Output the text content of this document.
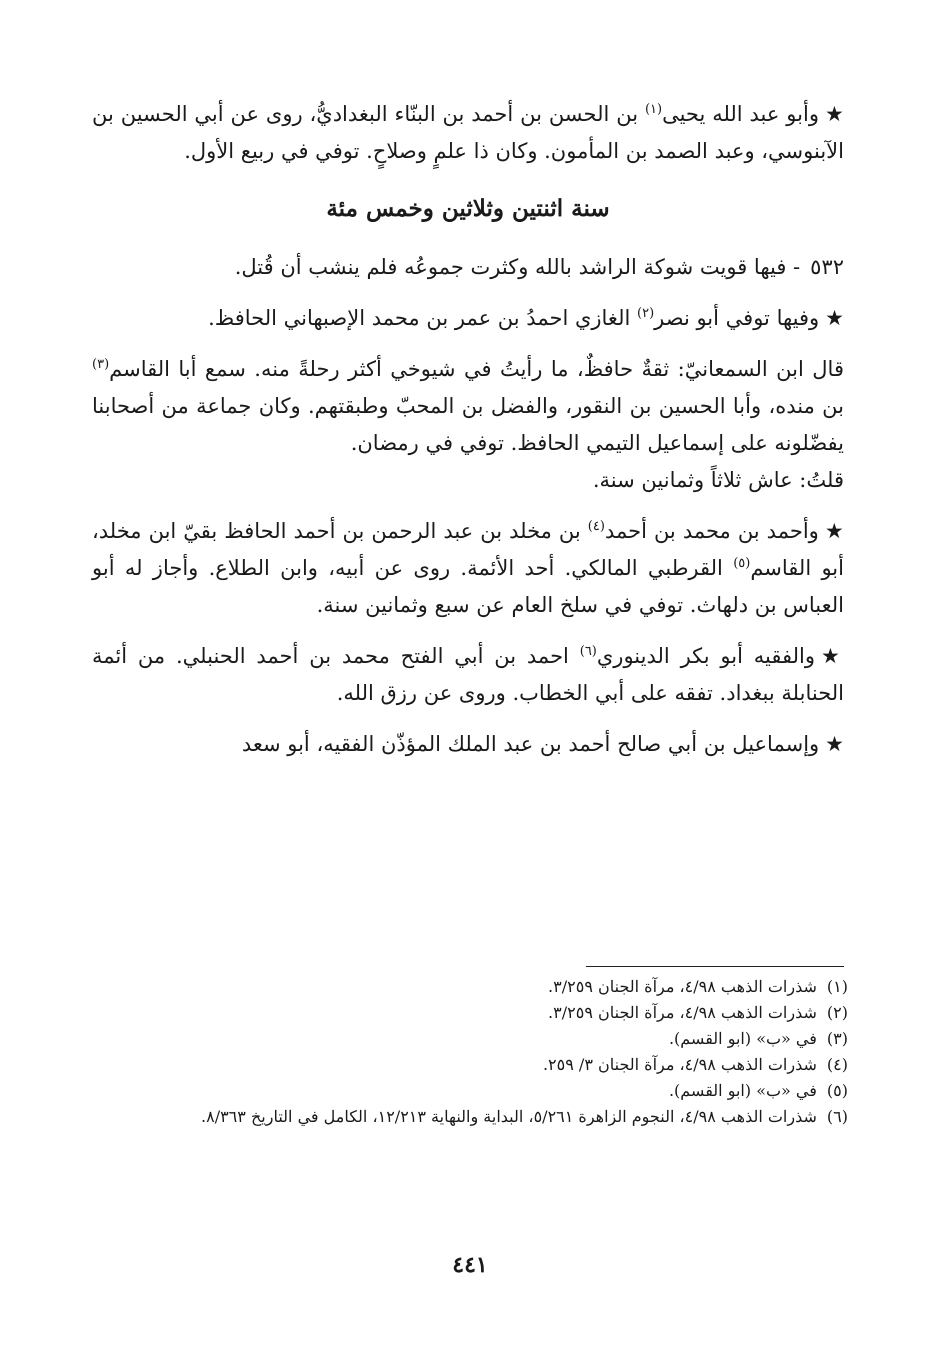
★وأبو عبد الله يحيى$^{(١)}$ بن الحسن بن أحمد بن البنّاء البغداديُّ، روى عن أبي الحسين بن الآبنوسي، وعبد الصمد بن المأمون. وكان ذا علمٍ وصلاحٍ. توفي في ربيع الأول.

سنة اثنتين وثلاثين وخمس مئة

٥٣٢- فيها قويت شوكة الراشد بالله وكثرت جموعُه فلم ينشب أن قُتل.

★وفيها توفي أبو نصر$^{(٢)}$ الغازي احمدُ بن عمر بن محمد الإصبهاني الحافظ.

قال ابن السمعانيّ: ثقةٌ حافظٌ، ما رأيتُ في شيوخي أكثر رحلةً منه. سمع أبا القاسم$^{(٣)}$ بن منده، وأبا الحسين بن النقور، والفضل بن المحبّ وطبقتهم. وكان جماعة من أصحابنا يفضّلونه على إسماعيل التيمي الحافظ. توفي في رمضان.

قلتُ: عاش ثلاثاً وثمانين سنة.

★وأحمد بن محمد بن أحمد$^{(٤)}$ بن مخلد بن عبد الرحمن بن أحمد الحافظ بقيّ ابن مخلد، أبو القاسم$^{(٥)}$ القرطبي المالكي. أحد الأئمة. روى عن أبيه، وابن الطلاع. وأجاز له أبو العباس بن دلهاث. توفي في سلخ العام عن سبع وثمانين سنة.

★والفقيه أبو بكر الدينوري$^{(٦)}$ احمد بن أبي الفتح محمد بن أحمد الحنبلي. من أئمة الحنابلة ببغداد. تفقه على أبي الخطاب. وروى عن رزق الله.

★وإسماعيل بن أبي صالح أحمد بن عبد الملك المؤذّن الفقيه، أبو سعد

(١)
شذرات الذهب ٤/٩٨، مرآة الجنان ٣/٢٥٩.
(٢)
شذرات الذهب ٤/٩٨، مرآة الجنان ٣/٢٥٩.
(٣)
في «ب» (ابو القسم).
(٤)
شذرات الذهب ٤/٩٨، مرآة الجنان ٣/ ٢٥٩.
(٥)
في «ب» (ابو القسم).
(٦)
شذرات الذهب ٤/٩٨، النجوم الزاهرة ٥/٢٦١، البداية والنهاية ١٢/٢١٣، الكامل في التاريخ ٨/٣٦٣.
٤٤١
